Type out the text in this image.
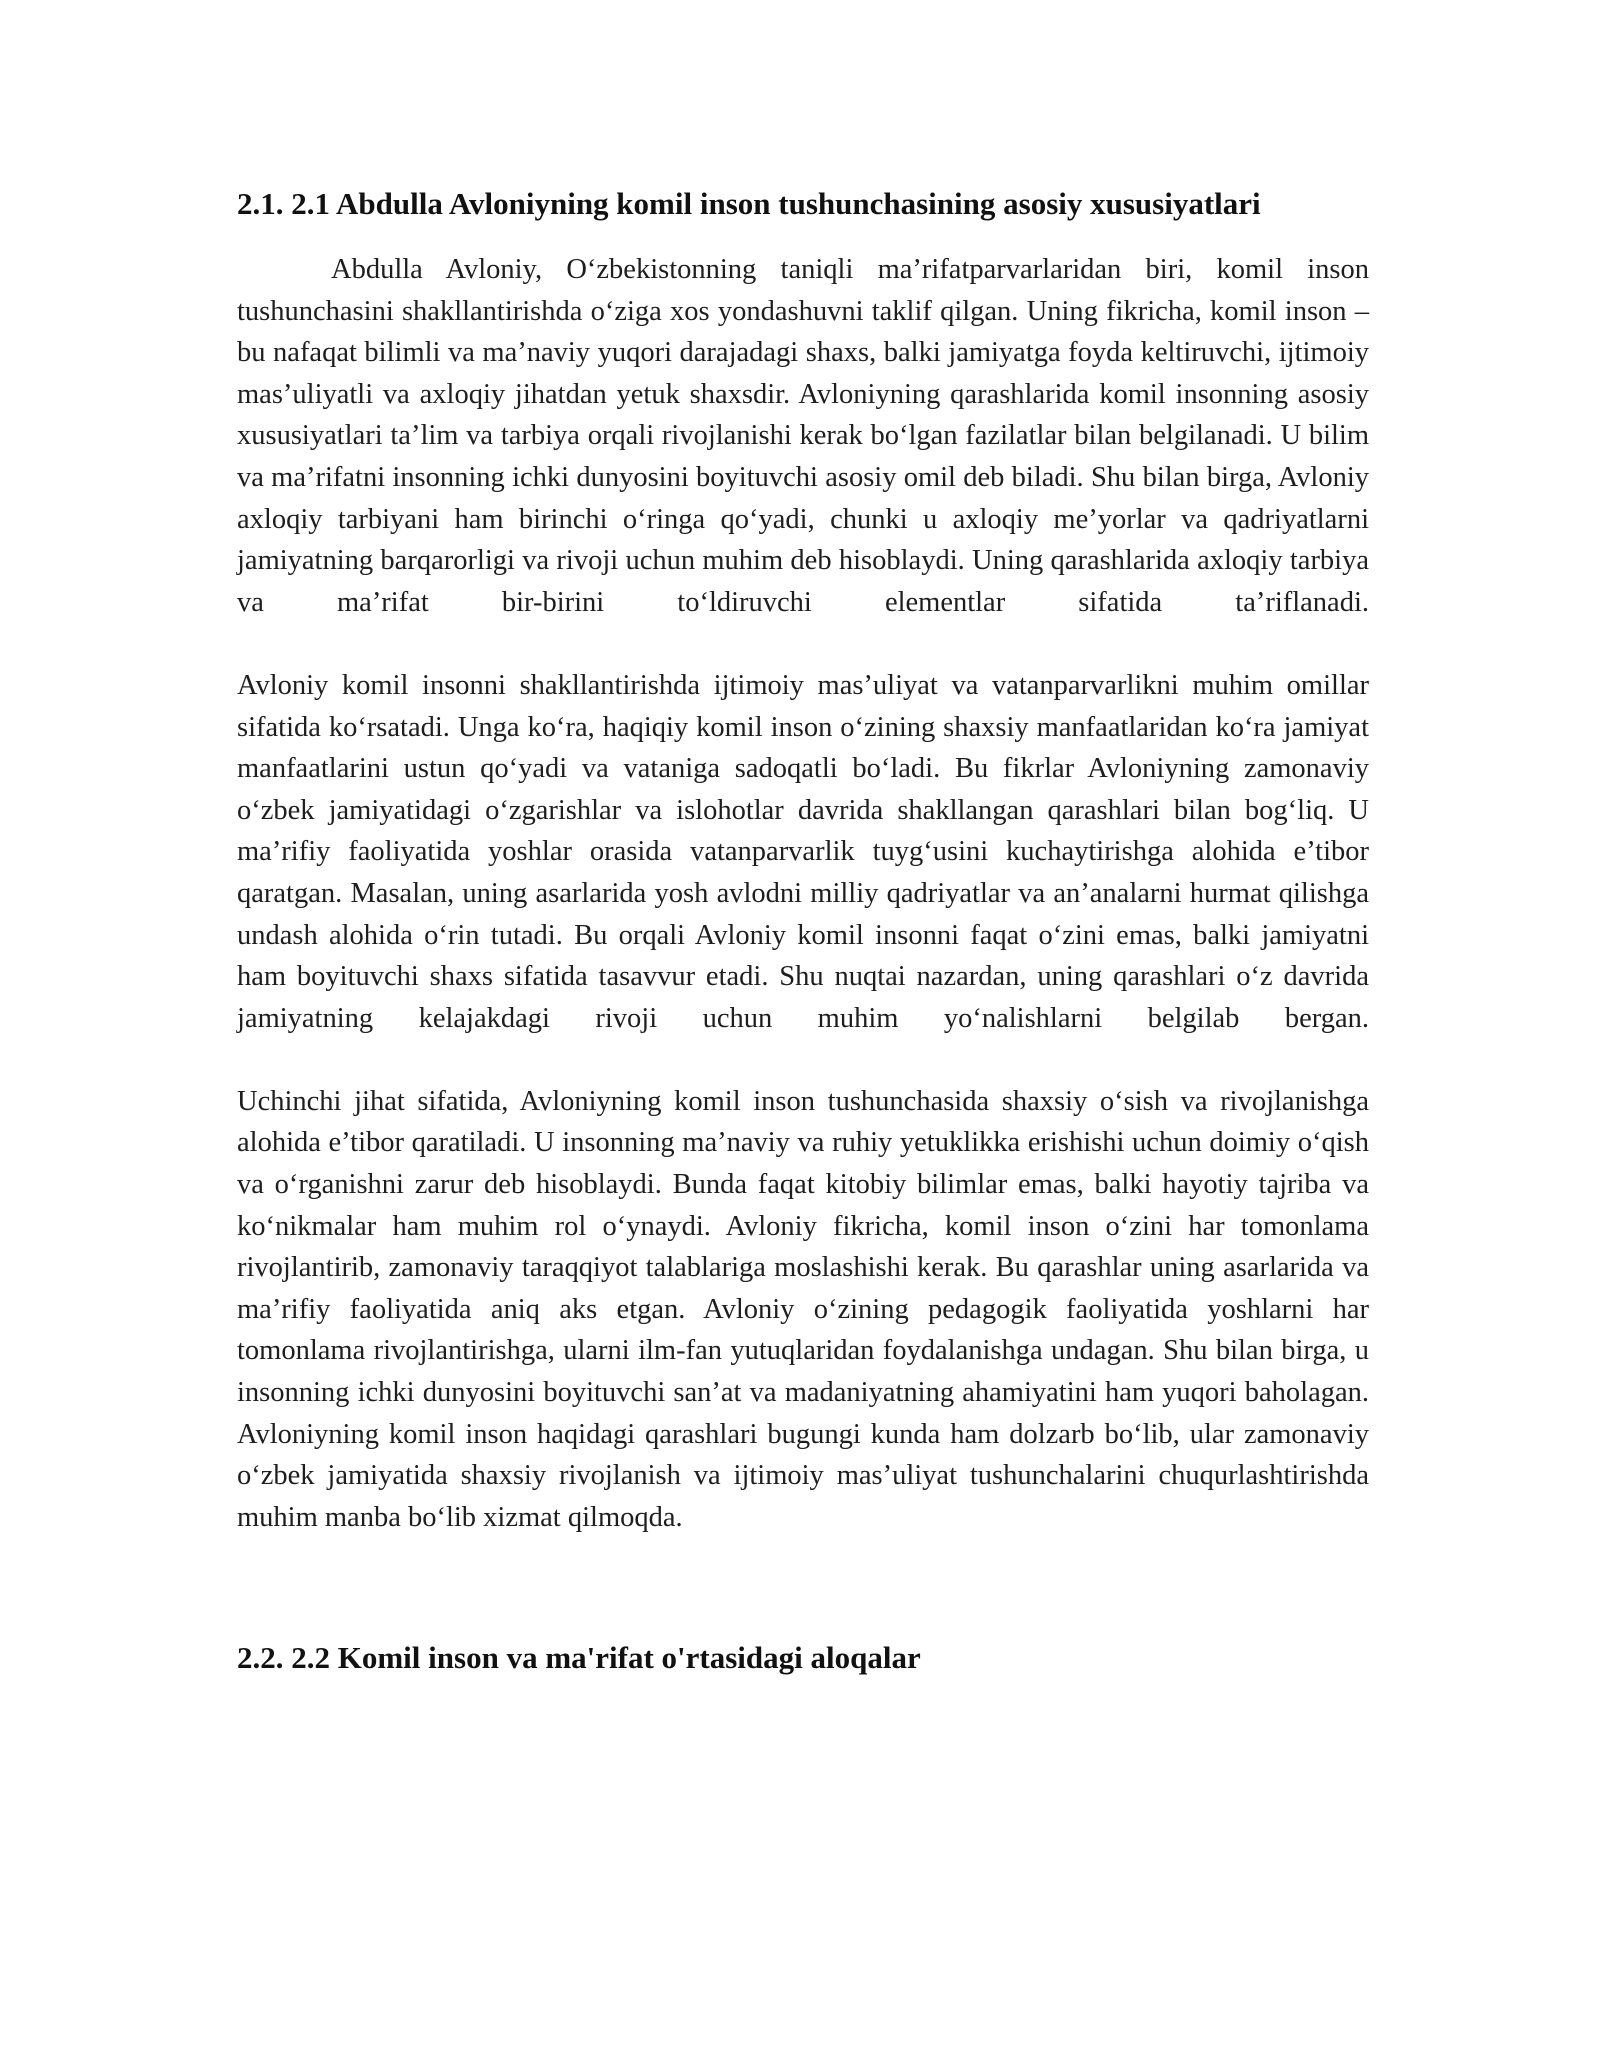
2.1. 2.1 Abdulla Avloniyning komil inson tushunchasining asosiy xususiyatlari

Abdulla Avloniy, O‘zbekistonning taniqli ma’rifatparvarlaridan biri, komil inson tushunchasini shakllantirishda o‘ziga xos yondashuvni taklif qilgan. Uning fikricha, komil inson – bu nafaqat bilimli va ma’naviy yuqori darajadagi shaxs, balki jamiyatga foyda keltiruvchi, ijtimoiy mas’uliyatli va axloqiy jihatdan yetuk shaxsdir. Avloniyning qarashlarida komil insonning asosiy xususiyatlari ta’lim va tarbiya orqali rivojlanishi kerak bo‘lgan fazilatlar bilan belgilanadi. U bilim va ma’rifatni insonning ichki dunyosini boyituvchi asosiy omil deb biladi. Shu bilan birga, Avloniy axloqiy tarbiyani ham birinchi o‘ringa qo‘yadi, chunki u axloqiy me’yorlar va qadriyatlarni jamiyatning barqarorligi va rivoji uchun muhim deb hisoblaydi. Uning qarashlarida axloqiy tarbiya va ma’rifat bir-birini to‘ldiruvchi elementlar sifatida ta’riflanadi.

Avloniy komil insonni shakllantirishda ijtimoiy mas’uliyat va vatanparvarlikni muhim omillar sifatida ko‘rsatadi. Unga ko‘ra, haqiqiy komil inson o‘zining shaxsiy manfaatlaridan ko‘ra jamiyat manfaatlarini ustun qo‘yadi va vataniga sadoqatli bo‘ladi. Bu fikrlar Avloniyning zamonaviy o‘zbek jamiyatidagi o‘zgarishlar va islohotlar davrida shakllangan qarashlari bilan bog‘liq. U ma’rifiy faoliyatida yoshlar orasida vatanparvarlik tuyg‘usini kuchaytirishga alohida e’tibor qaratgan. Masalan, uning asarlarida yosh avlodni milliy qadriyatlar va an’analarni hurmat qilishga undash alohida o‘rin tutadi. Bu orqali Avloniy komil insonni faqat o‘zini emas, balki jamiyatni ham boyituvchi shaxs sifatida tasavvur etadi. Shu nuqtai nazardan, uning qarashlari o‘z davrida jamiyatning kelajakdagi rivoji uchun muhim yo‘nalishlarni belgilab bergan.

Uchinchi jihat sifatida, Avloniyning komil inson tushunchasida shaxsiy o‘sish va rivojlanishga alohida e’tibor qaratiladi. U insonning ma’naviy va ruhiy yetuklikka erishishi uchun doimiy o‘qish va o‘rganishni zarur deb hisoblaydi. Bunda faqat kitobiy bilimlar emas, balki hayotiy tajriba va ko‘nikmalar ham muhim rol o‘ynaydi. Avloniy fikricha, komil inson o‘zini har tomonlama rivojlantirib, zamonaviy taraqqiyot talablariga moslashishi kerak. Bu qarashlar uning asarlarida va ma’rifiy faoliyatida aniq aks etgan. Avloniy o‘zining pedagogik faoliyatida yoshlarni har tomonlama rivojlantirishga, ularni ilm-fan yutuqlaridan foydalanishga undagan. Shu bilan birga, u insonning ichki dunyosini boyituvchi san’at va madaniyatning ahamiyatini ham yuqori baholagan. Avloniyning komil inson haqidagi qarashlari bugungi kunda ham dolzarb bo‘lib, ular zamonaviy o‘zbek jamiyatida shaxsiy rivojlanish va ijtimoiy mas’uliyat tushunchalarini chuqurlashtirishda muhim manba bo‘lib xizmat qilmoqda.

2.2. 2.2 Komil inson va ma'rifat o'rtasidagi aloqalar
